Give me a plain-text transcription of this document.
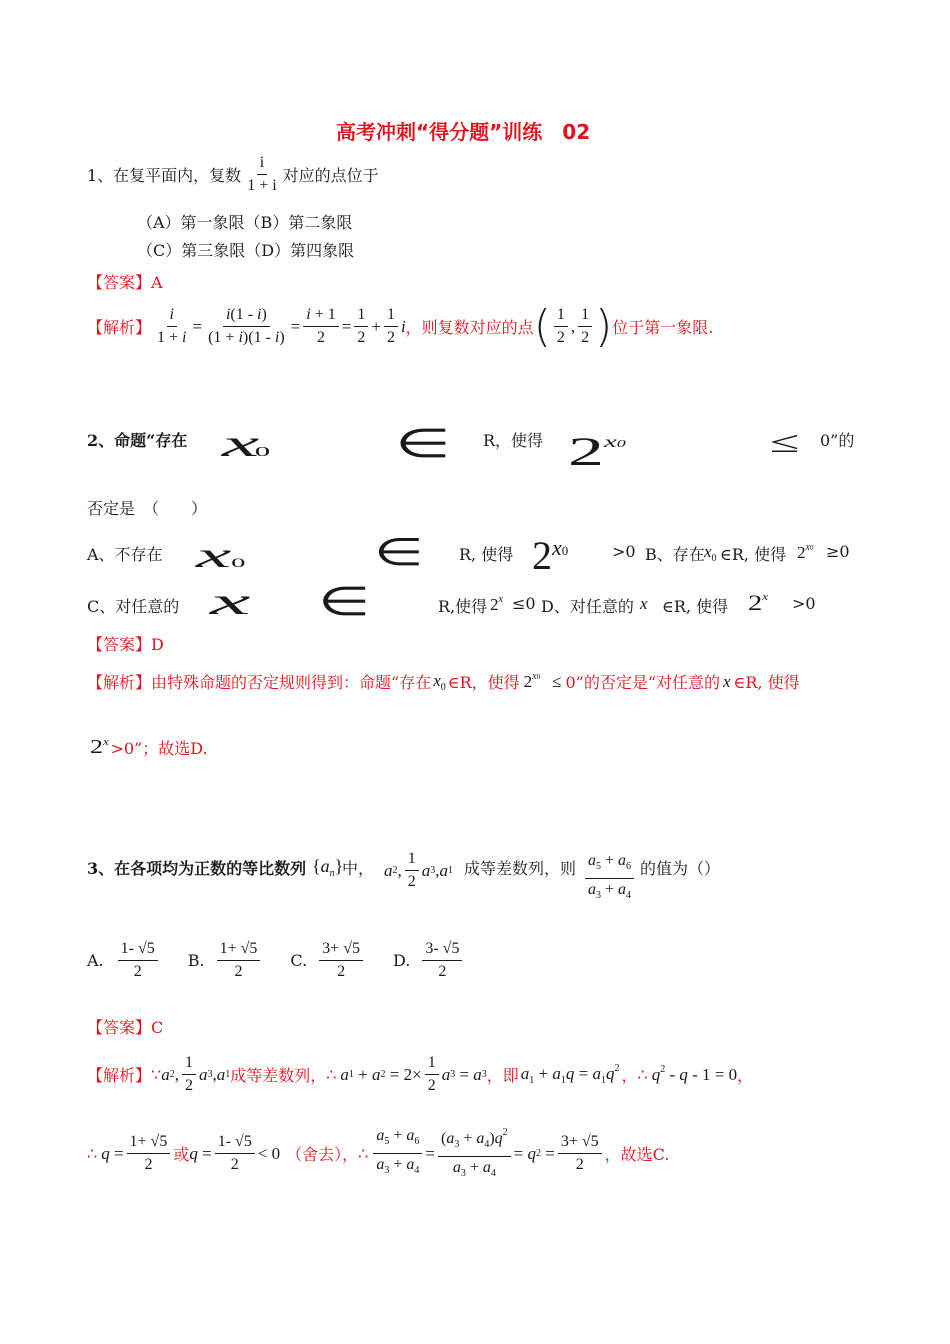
高考冲刺“得分题”训练　02
1、在复平面内，复数 $\frac{i}{1 + i}$ 对应的点位于
（A）第一象限（B）第二象限
（C）第三象限（D）第四象限
【答案】A
【解析】 $\frac{i}{1 + i} = \frac{i(1 - i)}{(1 + i)(1 - i)} = \frac{i + 1}{2} = \frac{1}{2} + \frac{1}{2}$ i ，则复数对应的点 ( $\frac{1}{2}$ , $\frac{1}{2}$ ) 位于第一象限.
2、命题“存在 x0	∈ R，使得 $2^{x0}$	≤ 0”的
否定是　（　　）
A、不存在 x0	∈ R, 使得 $2^{x0}$	>0 B、存在 $x_0$ ∈R, 使得 $2^{x0} \ge 0$
C、对任意的 x ∈	R,使得 $2^x \le 0$ D、对任意的 x ∈R, 使得 $2^x >0$
【答案】D
【解析】 由特殊命题的否定规则得到：命题“存在 $x_0$ ∈R，使得 $2^{x0} \le 0$”的否定是“对任意的 x ∈R, 使得
$2^x >0$”；故选D.
3、在各项均为正数的等比数列 $\{a_n\}$
中， a 2 , $\frac{1}{2}$ a 3 , a 1 成等差数列，则 $\frac{a_5 + a_6}{a_3 + a_4}$ 的值为（）
A. $\frac{1- √5}{2} B$. $\frac{1+ √5}{2} C$. $\frac{3+ √5}{2} D$. $\frac{3- √5}{2}$
【答案】C
【解析】 ∵ a 2 , $\frac{1}{2}$ a 3 , a 1 成等差数列， ∴ a 1 + a $2 = 2\times \frac{1}{2}$ a 3 = a 3 ，即 $a_1 + a_1q = a_1q^2$ ， ∴ $q^2 - q - 1 = 0$ ，
∴ $q = \frac{1+ √5}{2}$ 或 $q = \frac{1- √5}{2} < 0$ （舍去）， ∴ $\frac{a_5 + a_6}{a_3 + a_4} = \frac{(a_3 + a_4)q^2}{a_3 + a_4} = q$ $2 = \frac{3+ √5}{2}$ ，故选C.
